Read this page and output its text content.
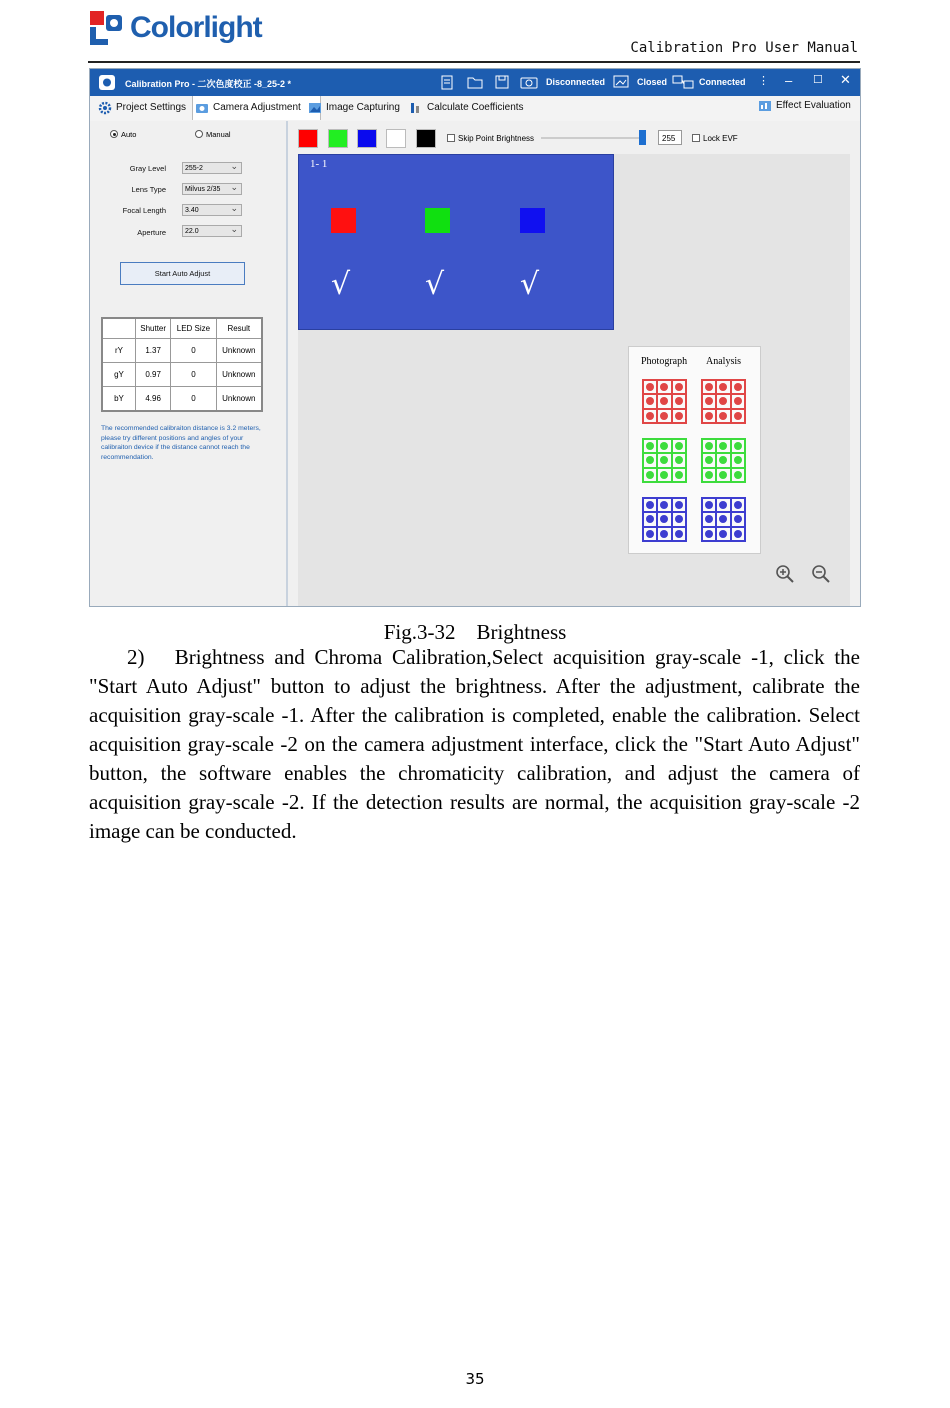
Colorlight
Calibration Pro User Manual
Calibration Pro - 二次色度校正 -8_25-2 *	Disconnected	Closed	Connected ⋮ – ☐ ✕
Project Settings	Camera Adjustment	Image Capturing	Calculate Coefficients	Effect Evaluation
Auto	Manual
Gray Level	255-2 ⌄
Lens Type	Milvus 2/35 ⌄
Focal Length	3.40 ⌄
Aperture	22.0 ⌄
Start Auto Adjust
	Shutter	LED Size	Result
rY	1.37	0	Unknown
gY	0.97	0	Unknown
bY	4.96	0	Unknown
The recommended calibraiton distance is 3.2 meters, please try different positions and angles of your calibraiton device if the distance cannot reach the recommendation.
Skip Point Brightness	255	Lock EVF
1- 1
√ √	√
Photograph Analysis
Fig.3-32　Brightness
2)　Brightness and Chroma Calibration,Select acquisition gray-scale -1, click the "Start Auto Adjust" button to adjust the brightness. After the adjustment, calibrate the acquisition gray-scale -1. After the calibration is completed, enable the calibration. Select acquisition gray-scale -2 on the camera adjustment interface, click the "Start Auto Adjust" button, the software enables the chromaticity calibration, and adjust the camera of acquisition gray-scale -2. If the detection results are normal, the acquisition gray-scale -2 image can be conducted.
35
